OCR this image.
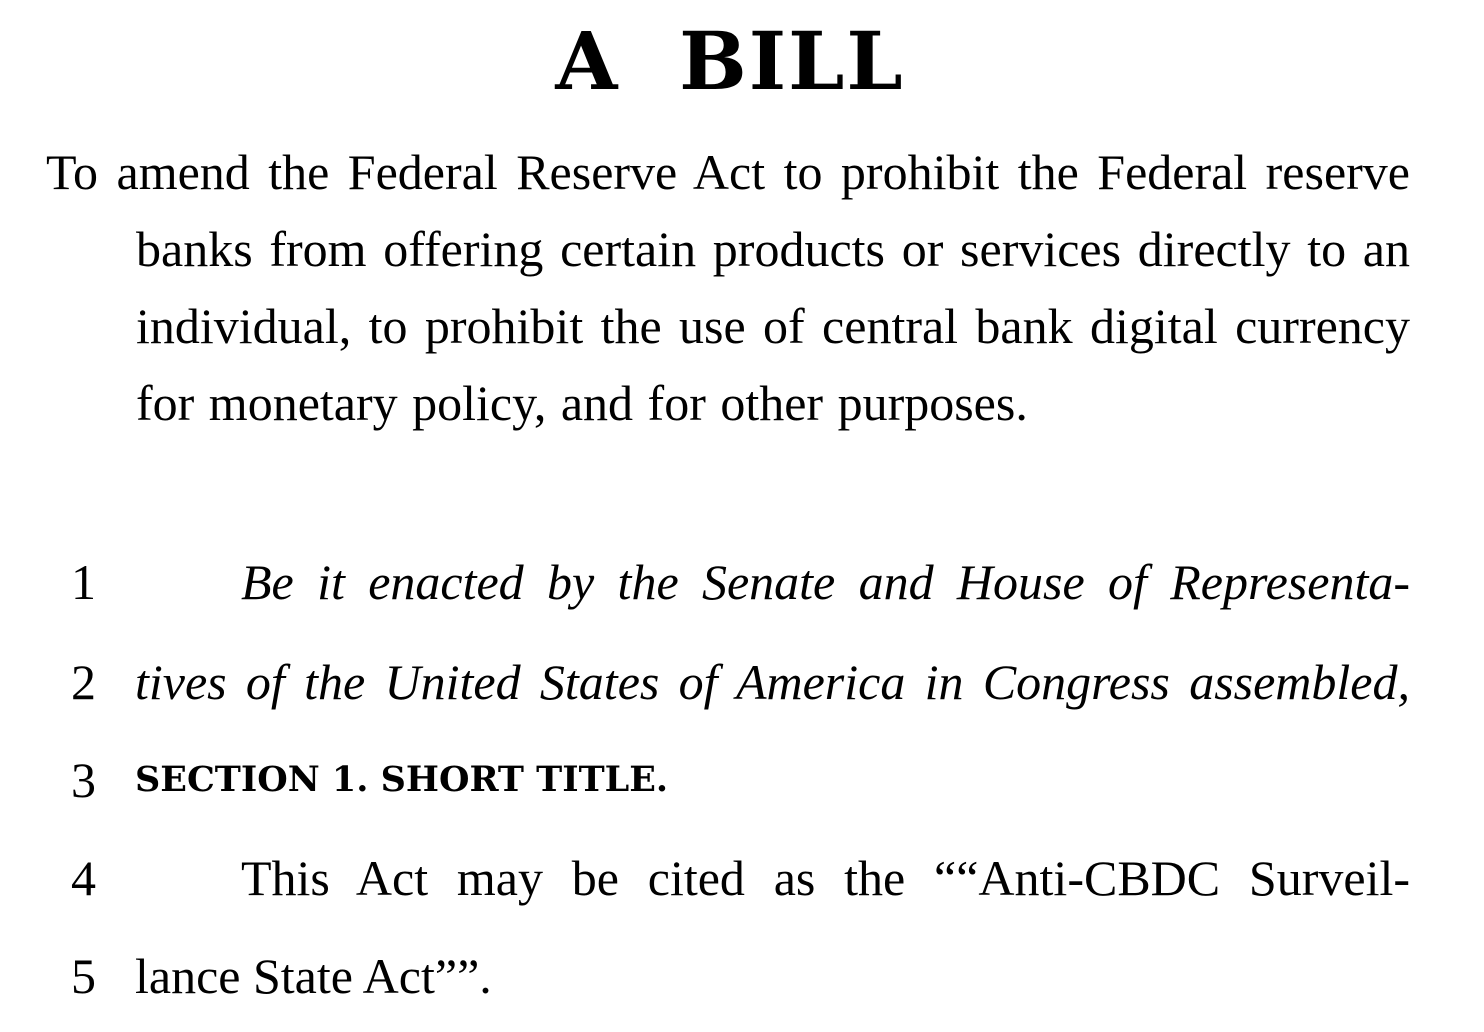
A  BILL
To amend the Federal Reserve Act to prohibit the Federal reserve banks from offering certain products or services directly to an individual, to prohibit the use of central bank digital currency for monetary policy, and for other purposes.
1	Be it enacted by the Senate and House of Representa-
2 tives of the United States of America in Congress assembled,
3 SECTION 1. SHORT TITLE.
4	This Act may be cited as the ““Anti-CBDC Surveil-
5 lance State Act””.
